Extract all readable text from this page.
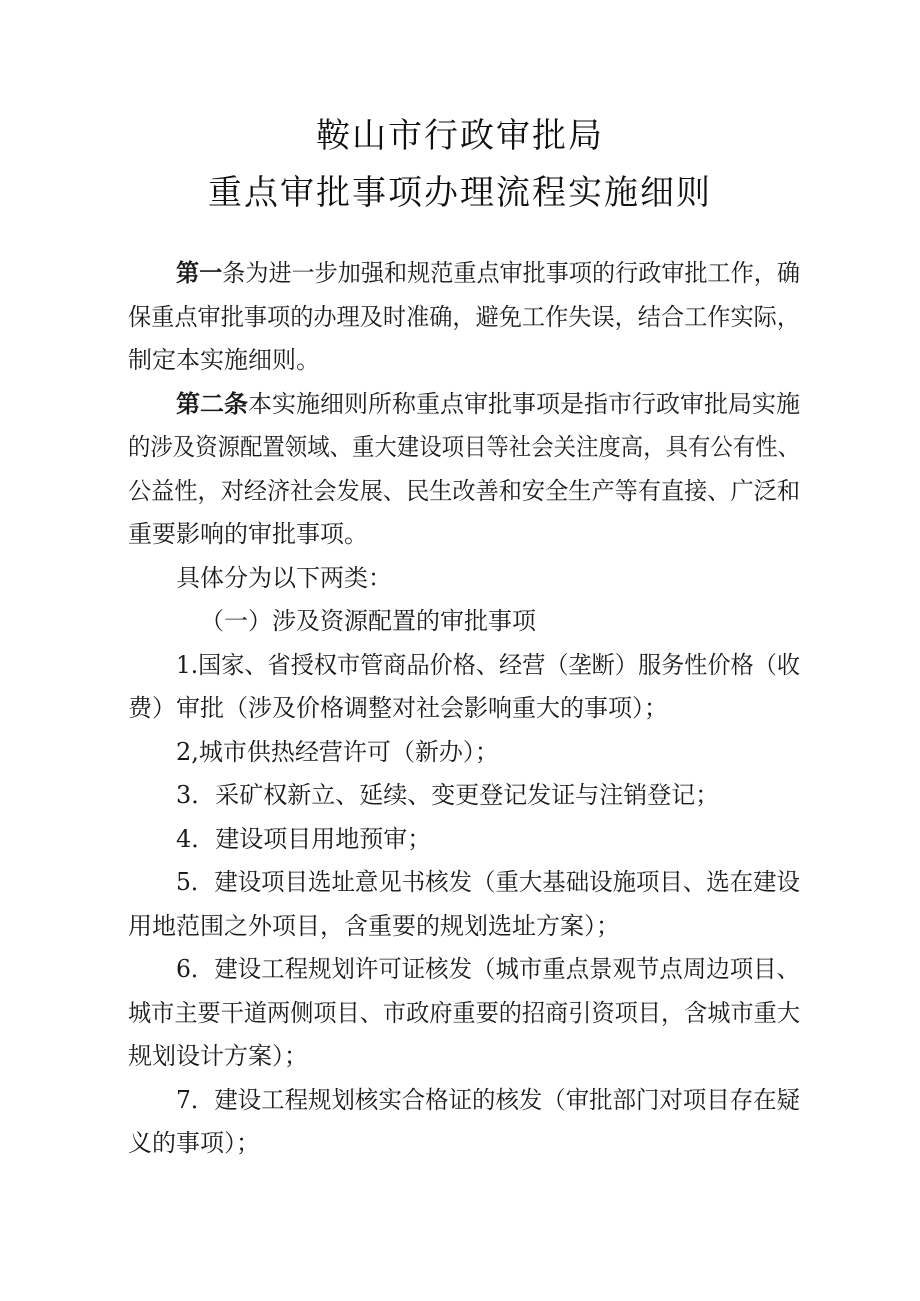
鞍山市行政审批局
重点审批事项办理流程实施细则
第一条为进一步加强和规范重点审批事项的行政审批工作，确
保重点审批事项的办理及时准确，避免工作失误，结合工作实际，
制定本实施细则。
第二条本实施细则所称重点审批事项是指市行政审批局实施
的涉及资源配置领域、重大建设项目等社会关注度高，具有公有性、
公益性，对经济社会发展、民生改善和安全生产等有直接、广泛和
重要影响的审批事项。
具体分为以下两类：
（一）涉及资源配置的审批事项
1.国家、省授权市管商品价格、经营（垄断）服务性价格（收
费）审批（涉及价格调整对社会影响重大的事项）；
2,城市供热经营许可（新办）；
3．采矿权新立、延续、变更登记发证与注销登记；
4．建设项目用地预审；
5．建设项目选址意见书核发（重大基础设施项目、选在建设
用地范围之外项目，含重要的规划选址方案）；
6．建设工程规划许可证核发（城市重点景观节点周边项目、
城市主要干道两侧项目、市政府重要的招商引资项目，含城市重大
规划设计方案）；
7．建设工程规划核实合格证的核发（审批部门对项目存在疑
义的事项）；
